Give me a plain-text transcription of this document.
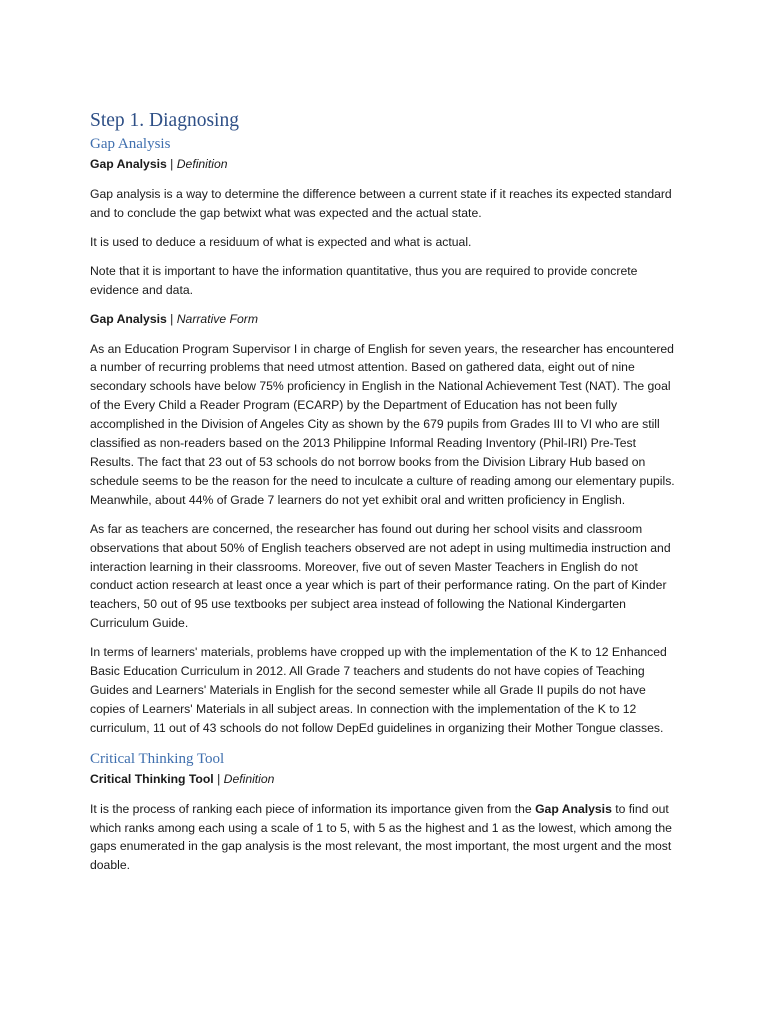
Step 1. Diagnosing
Gap Analysis
Gap Analysis | Definition

Gap analysis is a way to determine the difference between a current state if it reaches its expected standard and to conclude the gap betwixt what was expected and the actual state.

It is used to deduce a residuum of what is expected and what is actual.

Note that it is important to have the information quantitative, thus you are required to provide concrete evidence and data.

Gap Analysis | Narrative Form

As an Education Program Supervisor I in charge of English for seven years, the researcher has encountered a number of recurring problems that need utmost attention. Based on gathered data, eight out of nine secondary schools have below 75% proficiency in English in the National Achievement Test (NAT). The goal of the Every Child a Reader Program (ECARP) by the Department of Education has not been fully accomplished in the Division of Angeles City as shown by the 679 pupils from Grades III to VI who are still classified as non-readers based on the 2013 Philippine Informal Reading Inventory (Phil-IRI) Pre-Test Results. The fact that 23 out of 53 schools do not borrow books from the Division Library Hub based on schedule seems to be the reason for the need to inculcate a culture of reading among our elementary pupils. Meanwhile, about 44% of Grade 7 learners do not yet exhibit oral and written proficiency in English.

As far as teachers are concerned, the researcher has found out during her school visits and classroom observations that about 50% of English teachers observed are not adept in using multimedia instruction and interaction learning in their classrooms. Moreover, five out of seven Master Teachers in English do not conduct action research at least once a year which is part of their performance rating. On the part of Kinder teachers, 50 out of 95 use textbooks per subject area instead of following the National Kindergarten Curriculum Guide.

In terms of learners' materials, problems have cropped up with the implementation of the K to 12 Enhanced Basic Education Curriculum in 2012. All Grade 7 teachers and students do not have copies of Teaching Guides and Learners' Materials in English for the second semester while all Grade II pupils do not have copies of Learners' Materials in all subject areas. In connection with the implementation of the K to 12 curriculum, 11 out of 43 schools do not follow DepEd guidelines in organizing their Mother Tongue classes.

Critical Thinking Tool
Critical Thinking Tool | Definition

It is the process of ranking each piece of information its importance given from the Gap Analysis to find out which ranks among each using a scale of 1 to 5, with 5 as the highest and 1 as the lowest, which among the gaps enumerated in the gap analysis is the most relevant, the most important, the most urgent and the most doable.
